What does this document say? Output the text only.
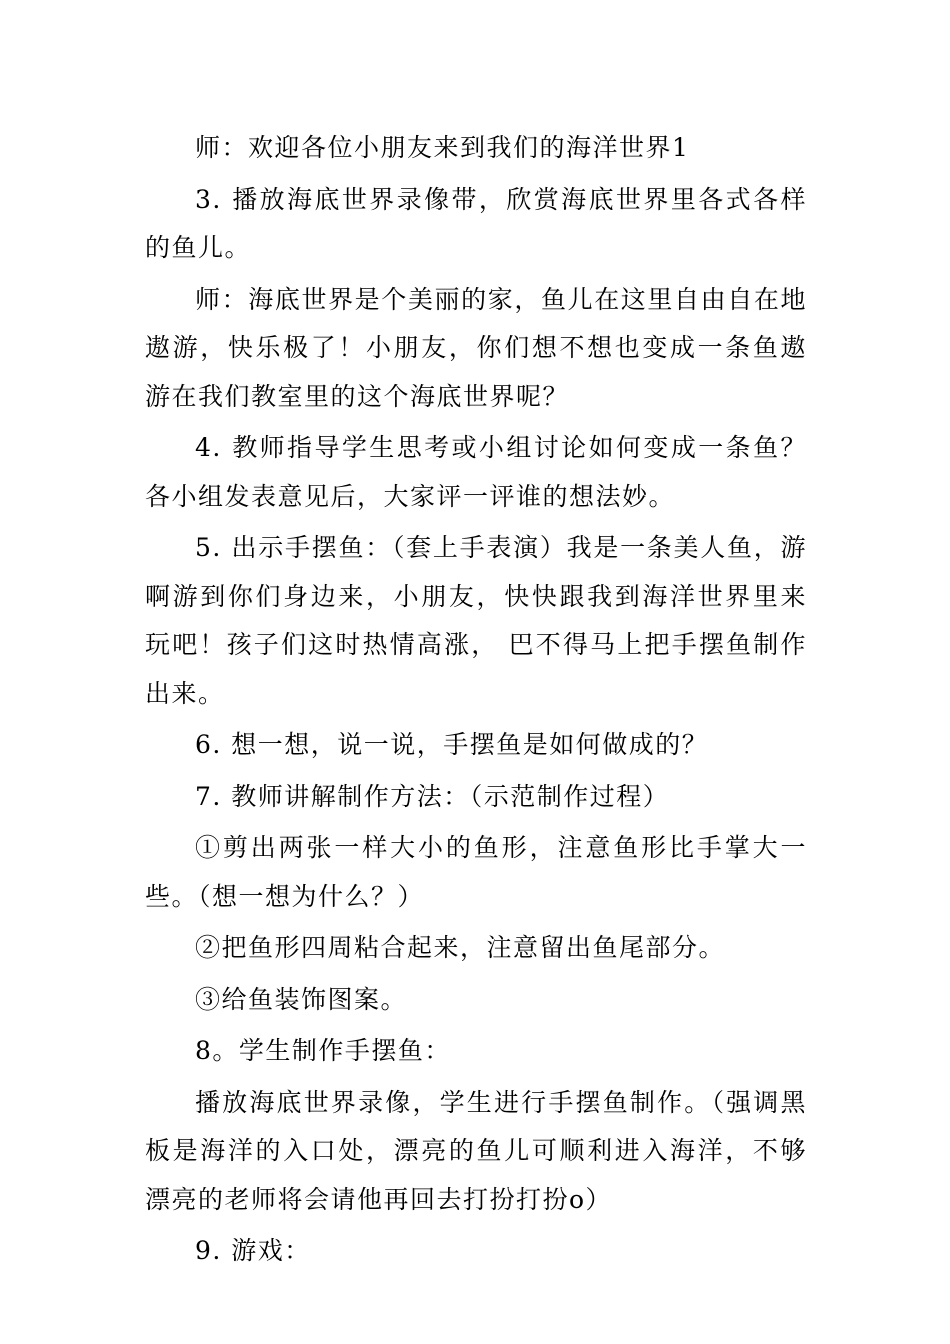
师：欢迎各位小朋友来到我们的海洋世界1

3. 播放海底世界录像带，欣赏海底世界里各式各样的鱼儿。

师：海底世界是个美丽的家，鱼儿在这里自由自在地遨游，快乐极了！小朋友，你们想不想也变成一条鱼遨游在我们教室里的这个海底世界呢？

4. 教师指导学生思考或小组讨论如何变成一条鱼？各小组发表意见后，大家评一评谁的想法妙。

5. 出示手摆鱼：（套上手表演）我是一条美人鱼，游啊游到你们身边来，小朋友，快快跟我到海洋世界里来玩吧！孩子们这时热情高涨， 巴不得马上把手摆鱼制作出来。

6. 想一想，说一说，手摆鱼是如何做成的？

7. 教师讲解制作方法：（示范制作过程）

①剪出两张一样大小的鱼形，注意鱼形比手掌大一些。（想一想为什么？）

②把鱼形四周粘合起来，注意留出鱼尾部分。

③给鱼装饰图案。

8。学生制作手摆鱼：

播放海底世界录像，学生进行手摆鱼制作。（强调黑板是海洋的入口处，漂亮的鱼儿可顺利进入海洋，不够漂亮的老师将会请他再回去打扮打扮o）

9. 游戏：
